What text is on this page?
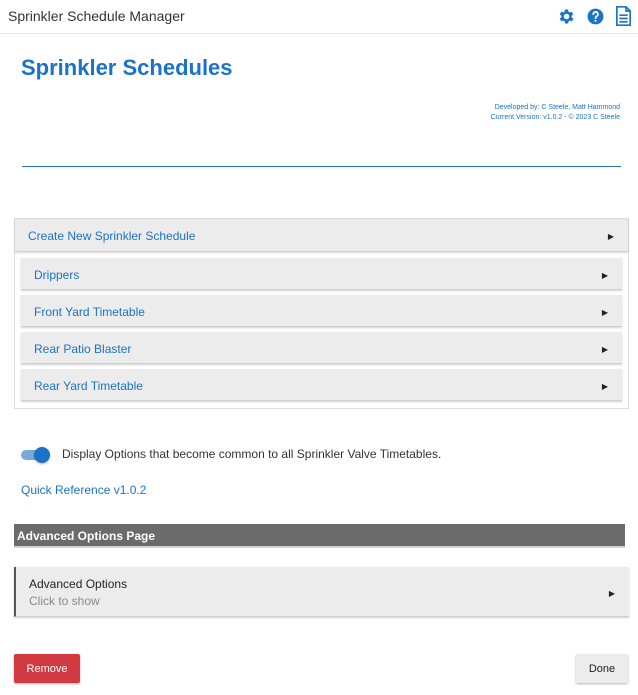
Sprinkler Schedule Manager
Sprinkler Schedules
Developed by: C Steele, Matt Hammond
Current Version: v1.0.2 - © 2023 C Steele
Create New Sprinkler Schedule	▶
Drippers	▶
Front Yard Timetable	▶
Rear Patio Blaster	▶
Rear Yard Timetable	▶
Display Options that become common to all Sprinkler Valve Timetables.
Quick Reference v1.0.2
Advanced Options Page
Advanced Options
Click to show
▶
Remove	Done
